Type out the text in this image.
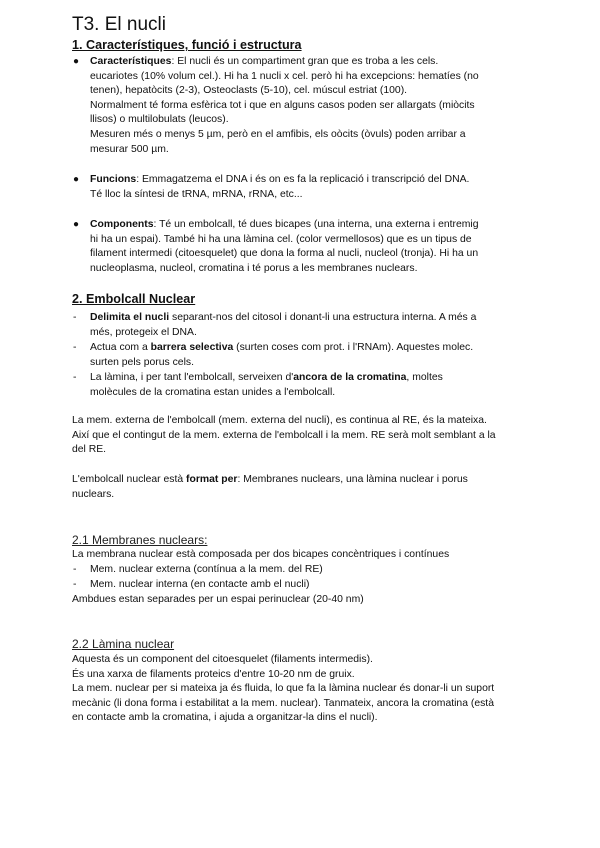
T3. El nucli
1. Característiques, funció i estructura
● Característiques: El nucli és un compartiment gran que es troba a les cels.
eucariotes (10% volum cel.). Hi ha 1 nucli x cel. però hi ha excepcions: hematíes (no
tenen), hepatòcits (2-3), Osteoclasts (5-10), cel. múscul estriat (100).
Normalment té forma esfèrica tot i que en alguns casos poden ser allargats (miòcits
llisos) o multilobulats (leucos).
Mesuren més o menys 5 µm, però en el amfibis, els oòcits (òvuls) poden arribar a
mesurar 500 µm.
● Funcions: Emmagatzema el DNA i és on es fa la replicació i transcripció del DNA.
Té lloc la síntesi de tRNA, mRNA, rRNA, etc...
● Components: Té un embolcall, té dues bicapes (una interna, una externa i entremig
hi ha un espai). També hi ha una làmina cel. (color vermellosos) que es un tipus de
filament intermedi (citoesquelet) que dona la forma al nucli, nucleol (tronja). Hi ha un
nucleoplasma, nucleol, cromatina i té porus a les membranes nuclears.
2. Embolcall Nuclear
- Delimita el nucli separant-nos del citosol i donant-li una estructura interna. A més a
més, protegeix el DNA.
- Actua com a barrera selectiva (surten coses com prot. i l'RNAm). Aquestes molec.
surten pels porus cels.
- La làmina, i per tant l'embolcall, serveixen d'ancora de la cromatina, moltes
molècules de la cromatina estan unides a l'embolcall.
La mem. externa de l'embolcall (mem. externa del nucli), es continua al RE, és la mateixa.
Així que el contingut de la mem. externa de l'embolcall i la mem. RE serà molt semblant a la
del RE.
L'embolcall nuclear està format per: Membranes nuclears, una làmina nuclear i porus
nuclears.
2.1 Membranes nuclears:
La membrana nuclear està composada per dos bicapes concèntriques i contínues
- Mem. nuclear externa (contínua a la mem. del RE)
- Mem. nuclear interna (en contacte amb el nucli)
Ambdues estan separades per un espai perinuclear (20-40 nm)
2.2 Làmina nuclear
Aquesta és un component del citoesquelet (filaments intermedis).
És una xarxa de filaments proteics d'entre 10-20 nm de gruix.
La mem. nuclear per si mateixa ja és fluida, lo que fa la làmina nuclear és donar-li un suport
mecànic (li dona forma i estabilitat a la mem. nuclear). Tanmateix, ancora la cromatina (està
en contacte amb la cromatina, i ajuda a organitzar-la dins el nucli).
